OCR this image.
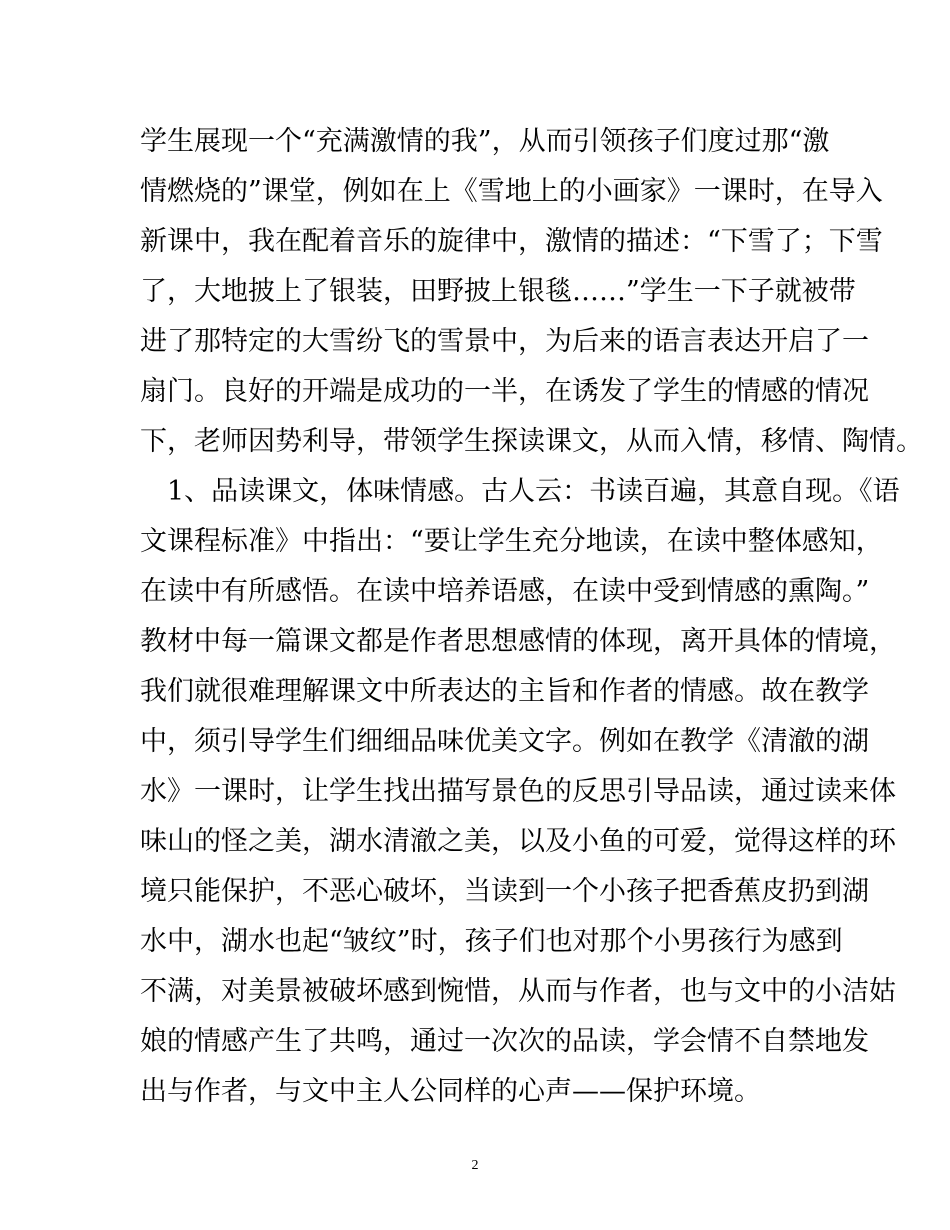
学生展现一个“充满激情的我”，从而引领孩子们度过那“激
情燃烧的”课堂，例如在上《雪地上的小画家》一课时，在导入
新课中，我在配着音乐的旋律中，激情的描述：“下雪了；下雪
了，大地披上了银装，田野披上银毯……”学生一下子就被带
进了那特定的大雪纷飞的雪景中，为后来的语言表达开启了一
扇门。良好的开端是成功的一半，在诱发了学生的情感的情况
下，老师因势利导，带领学生探读课文，从而入情，移情、陶情。
　1、品读课文，体味情感。古人云：书读百遍，其意自现。《语
文课程标准》中指出：“要让学生充分地读，在读中整体感知，
在读中有所感悟。在读中培养语感，在读中受到情感的熏陶。”
教材中每一篇课文都是作者思想感情的体现，离开具体的情境，
我们就很难理解课文中所表达的主旨和作者的情感。故在教学
中，须引导学生们细细品味优美文字。例如在教学《清澈的湖
水》一课时，让学生找出描写景色的反思引导品读，通过读来体
味山的怪之美，湖水清澈之美，以及小鱼的可爱，觉得这样的环
境只能保护，不恶心破坏，当读到一个小孩子把香蕉皮扔到湖
水中，湖水也起“皱纹”时，孩子们也对那个小男孩行为感到
不满，对美景被破坏感到惋惜，从而与作者，也与文中的小洁姑
娘的情感产生了共鸣，通过一次次的品读，学会情不自禁地发
出与作者，与文中主人公同样的心声——保护环境。
2
